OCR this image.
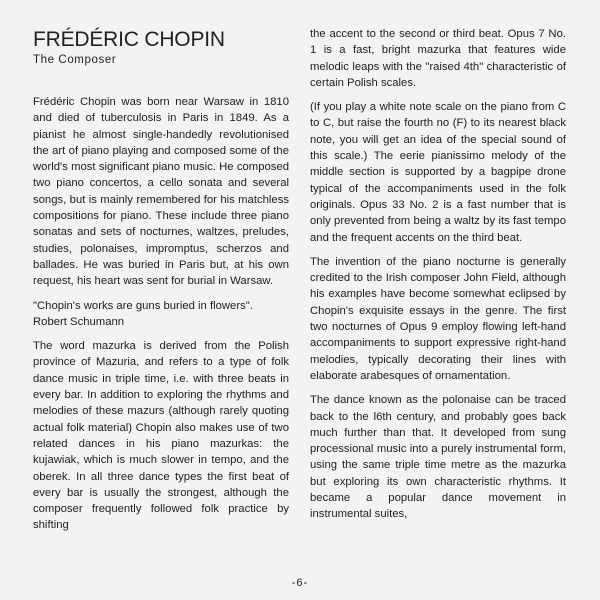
FRÉDÉRIC CHOPIN
The Composer

Frédéric Chopin was born near Warsaw in 1810 and died of tuberculosis in Paris in 1849. As a pianist he almost single-handedly revolutionised the art of piano playing and composed some of the world's most significant piano music. He composed two piano concertos, a cello sonata and several songs, but is mainly remembered for his matchless compositions for piano. These include three piano sonatas and sets of nocturnes, waltzes, preludes, studies, polonaises, impromptus, scherzos and ballades. He was buried in Paris but, at his own request, his heart was sent for burial in Warsaw.

"Chopin's works are guns buried in flowers". Robert Schumann

The word mazurka is derived from the Polish province of Mazuria, and refers to a type of folk dance music in triple time, i.e. with three beats in every bar. In addition to exploring the rhythms and melodies of these mazurs (although rarely quoting actual folk material) Chopin also makes use of two related dances in his piano mazurkas: the kujawiak, which is much slower in tempo, and the oberek. In all three dance types the first beat of every bar is usually the strongest, although the composer frequently followed folk practice by shifting

the accent to the second or third beat. Opus 7 No. 1 is a fast, bright mazurka that features wide melodic leaps with the "raised 4th" characteristic of certain Polish scales.

(If you play a white note scale on the piano from C to C, but raise the fourth no (F) to its nearest black note, you will get an idea of the special sound of this scale.) The eerie pianissimo melody of the middle section is supported by a bagpipe drone typical of the accompaniments used in the folk originals. Opus 33 No. 2 is a fast number that is only prevented from being a waltz by its fast tempo and the frequent accents on the third beat.

The invention of the piano nocturne is generally credited to the Irish composer John Field, although his examples have become somewhat eclipsed by Chopin's exquisite essays in the genre. The first two nocturnes of Opus 9 employ flowing left-hand accompaniments to support expressive right-hand melodies, typically decorating their lines with elaborate arabesques of ornamentation.

The dance known as the polonaise can be traced back to the l6th century, and probably goes back much further than that. It developed from sung processional music into a purely instrumental form, using the same triple time metre as the mazurka but exploring its own characteristic rhythms. It became a popular dance movement in instrumental suites,

-6-
